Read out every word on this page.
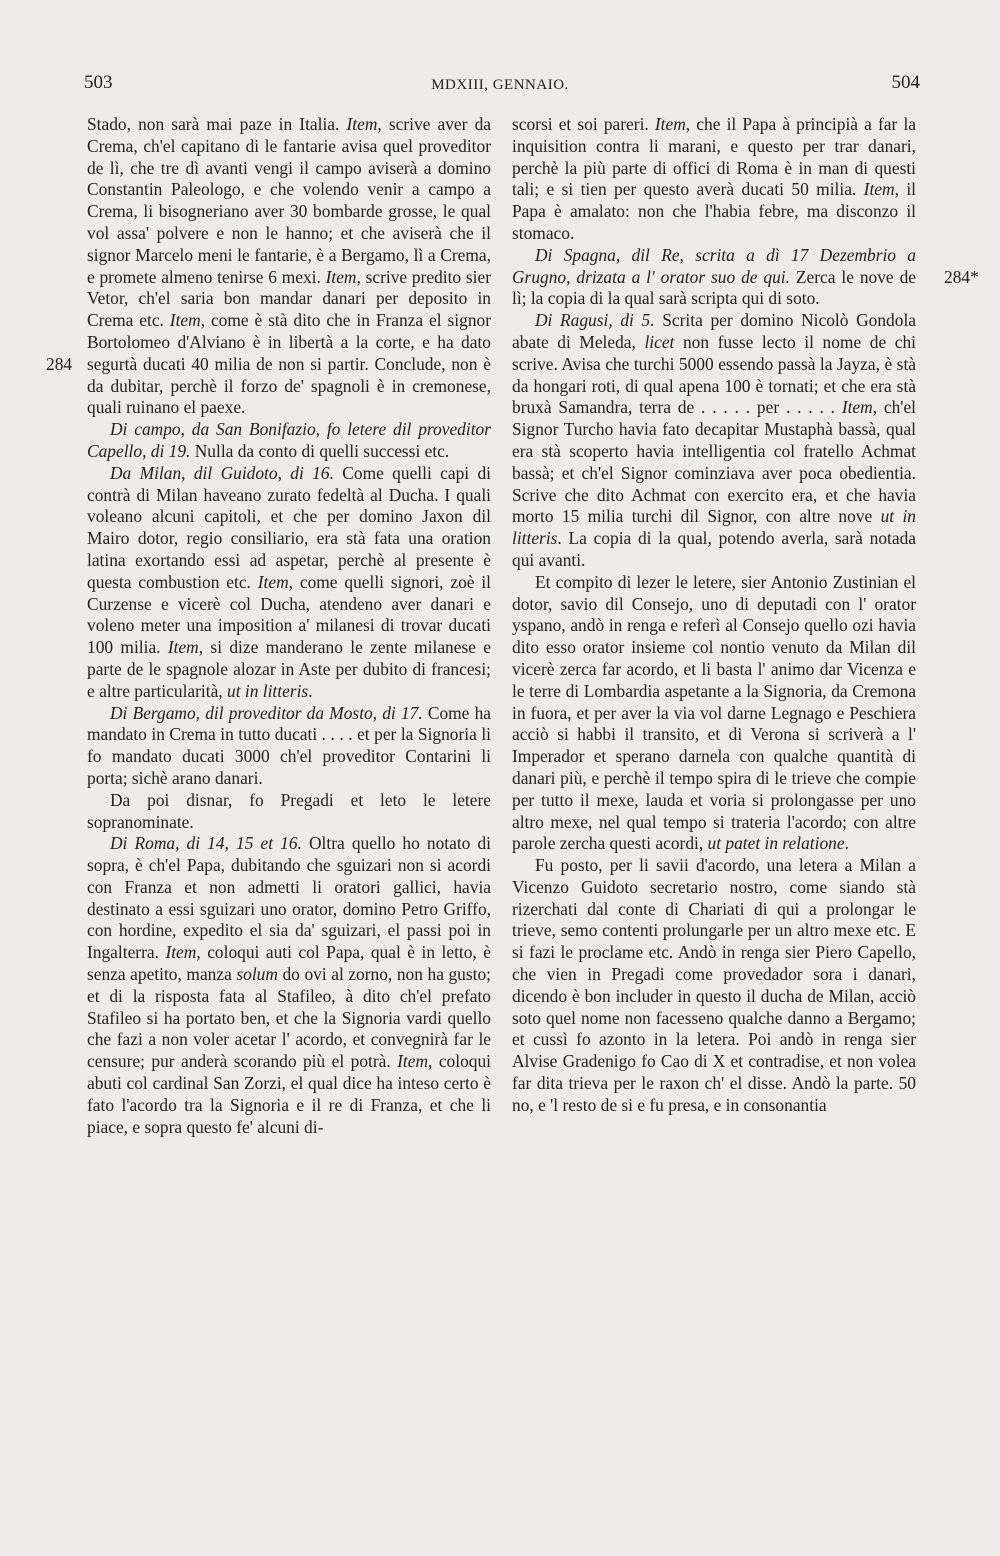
503	MDXIII, GENNAIO.	504
284
284*

Stado, non sarà mai paze in Italia. Item, scrive aver da Crema, ch'el capitano di le fantarie avisa quel proveditor de lì, che tre dì avanti vengi il campo aviserà a domino Constantin Paleologo, e che volendo venir a campo a Crema, li bisogneriano aver 30 bombarde grosse, le qual vol assa' polvere e non le hanno; et che aviserà che il signor Marcelo meni le fantarie, è a Bergamo, lì a Crema, e promete almeno tenirse 6 mexi. Item, scrive predito sier Vetor, ch'el saria bon mandar danari per deposito in Crema etc. Item, come è stà dito che in Franza el signor Bortolomeo d'Alviano è in libertà a la corte, e ha dato segurtà ducati 40 milia de non si partir. Conclude, non è da dubitar, perchè il forzo de' spagnoli è in cremonese, quali ruinano el paexe.

Di campo, da San Bonifazio, fo letere dil proveditor Capello, di 19. Nulla da conto di quelli successi etc.

Da Milan, dil Guidoto, di 16. Come quelli capi di contrà di Milan haveano zurato fedeltà al Ducha. I quali voleano alcuni capitoli, et che per domino Jaxon dil Mairo dotor, regio consiliario, era stà fata una oration latina exortando essi ad aspetar, perchè al presente è questa combustion etc. Item, come quelli signori, zoè il Curzense e vicerè col Ducha, atendeno aver danari e voleno meter una imposition a' milanesi di trovar ducati 100 milia. Item, si dize manderano le zente milanese e parte de le spagnole alozar in Aste per dubito di francesi; e altre particularità, ut in litteris.

Di Bergamo, dil proveditor da Mosto, di 17. Come ha mandato in Crema in tutto ducati . . . . et per la Signoria li fo mandato ducati 3000 ch'el proveditor Contarini li porta; sichè arano danari.

Da poi disnar, fo Pregadi et leto le letere sopranominate.

Di Roma, di 14, 15 et 16. Oltra quello ho notato di sopra, è ch'el Papa, dubitando che sguizari non si acordi con Franza et non admetti li oratori gallici, havia destinato a essi sguizari uno orator, domino Petro Griffo, con hordine, expedito el sia da' sguizari, el passi poi in Ingalterra. Item, coloqui auti col Papa, qual è in letto, è senza apetito, manza solum do ovi al zorno, non ha gusto; et di la risposta fata al Stafileo, à dito ch'el prefato Stafileo si ha portato ben, et che la Signoria vardi quello che fazi a non voler acetar l' acordo, et convegnirà far le censure; pur anderà scorando più el potrà. Item, coloqui abuti col cardinal San Zorzi, el qual dice ha inteso certo è fato l'acordo tra la Signoria e il re di Franza, et che li piace, e sopra questo fe' alcuni di-

scorsi et soi pareri. Item, che il Papa à principià a far la inquisition contra li marani, e questo per trar danari, perchè la più parte di offici di Roma è in man di questi tali; e si tien per questo averà ducati 50 milia. Item, il Papa è amalato: non che l'habia febre, ma disconzo il stomaco.

Di Spagna, dil Re, scrita a dì 17 Dezembrio a Grugno, drizata a l' orator suo de qui. Zerca le nove de lì; la copia di la qual sarà scripta qui di soto.

Di Ragusi, di 5. Scrita per domino Nicolò Gondola abate di Meleda, licet non fusse lecto il nome de chi scrive. Avisa che turchi 5000 essendo passà la Jayza, è stà da hongari roti, di qual apena 100 è tornati; et che era stà bruxà Samandra, terra de . . . . . per . . . . . Item, ch'el Signor Turcho havia fato decapitar Mustaphà bassà, qual era stà scoperto havia intelligentia col fratello Achmat bassà; et ch'el Signor cominziava aver poca obedientia. Scrive che dito Achmat con exercito era, et che havia morto 15 milia turchi dil Signor, con altre nove ut in litteris. La copia di la qual, potendo averla, sarà notada qui avanti.

Et compito di lezer le letere, sier Antonio Zustinian el dotor, savio dil Consejo, uno di deputadi con l' orator yspano, andò in renga e referì al Consejo quello ozi havia dito esso orator insieme col nontio venuto da Milan dil vicerè zerca far acordo, et li basta l' animo dar Vicenza e le terre di Lombardia aspetante a la Signoria, da Cremona in fuora, et per aver la via vol darne Legnago e Peschiera acciò si habbi il transito, et di Verona si scriverà a l' Imperador et sperano darnela con qualche quantità di danari più, e perchè il tempo spira di le trieve che compie per tutto il mexe, lauda et voria si prolongasse per uno altro mexe, nel qual tempo si trateria l'acordo; con altre parole zercha questi acordi, ut patet in relatione.

Fu posto, per li savii d'acordo, una letera a Milan a Vicenzo Guidoto secretario nostro, come siando stà rizerchati dal conte di Chariati di qui a prolongar le trieve, semo contenti prolungarle per un altro mexe etc. E si fazi le proclame etc. Andò in renga sier Piero Capello, che vien in Pregadi come provedador sora i danari, dicendo è bon includer in questo il ducha de Milan, acciò soto quel nome non facesseno qualche danno a Bergamo; et cussì fo azonto in la letera. Poi andò in renga sier Alvise Gradenigo fo Cao di X et contradise, et non volea far dita trieva per le raxon ch' el disse. Andò la parte. 50 no, e 'l resto de si e fu presa, e in consonantia
